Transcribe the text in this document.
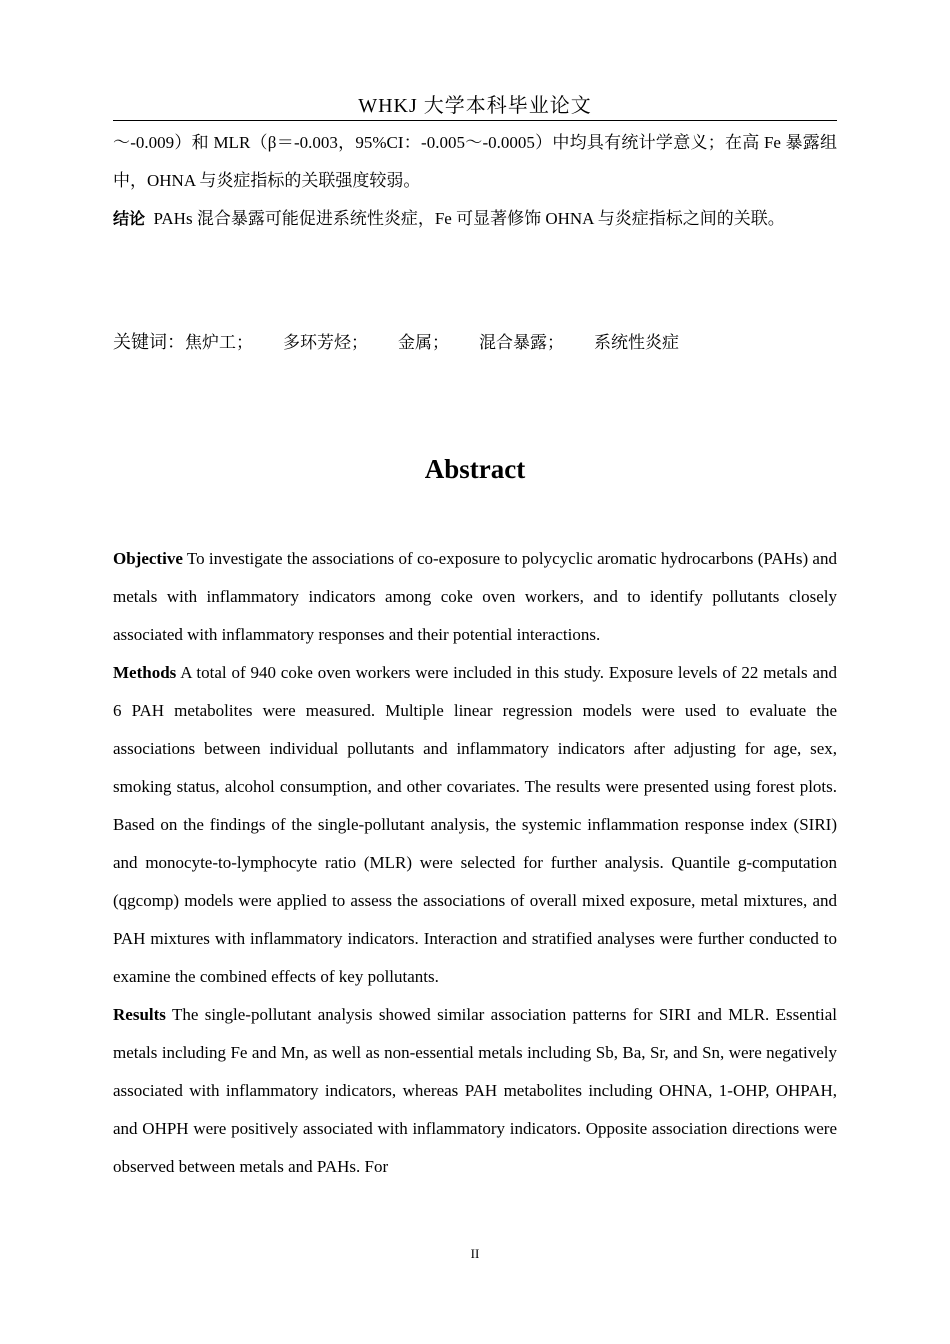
WHKJ 大学本科毕业论文
～-0.009）和 MLR（β＝-0.003，95%CI：-0.005～-0.0005）中均具有统计学意义；在高 Fe 暴露组中，OHNA 与炎症指标的关联强度较弱。
结论 PAHs 混合暴露可能促进系统性炎症，Fe 可显著修饰 OHNA 与炎症指标之间的关联。
关键词：焦炉工； 多环芳烃； 金属； 混合暴露； 系统性炎症
Abstract

Objective To investigate the associations of co-exposure to polycyclic aromatic hydrocarbons (PAHs) and metals with inflammatory indicators among coke oven workers, and to identify pollutants closely associated with inflammatory responses and their potential interactions.

Methods A total of 940 coke oven workers were included in this study. Exposure levels of 22 metals and 6 PAH metabolites were measured. Multiple linear regression models were used to evaluate the associations between individual pollutants and inflammatory indicators after adjusting for age, sex, smoking status, alcohol consumption, and other covariates. The results were presented using forest plots. Based on the findings of the single-pollutant analysis, the systemic inflammation response index (SIRI) and monocyte-to-lymphocyte ratio (MLR) were selected for further analysis. Quantile g-computation (qgcomp) models were applied to assess the associations of overall mixed exposure, metal mixtures, and PAH mixtures with inflammatory indicators. Interaction and stratified analyses were further conducted to examine the combined effects of key pollutants.

Results The single-pollutant analysis showed similar association patterns for SIRI and MLR. Essential metals including Fe and Mn, as well as non-essential metals including Sb, Ba, Sr, and Sn, were negatively associated with inflammatory indicators, whereas PAH metabolites including OHNA, 1-OHP, OHPAH, and OHPH were positively associated with inflammatory indicators. Opposite association directions were observed between metals and PAHs. For

II
